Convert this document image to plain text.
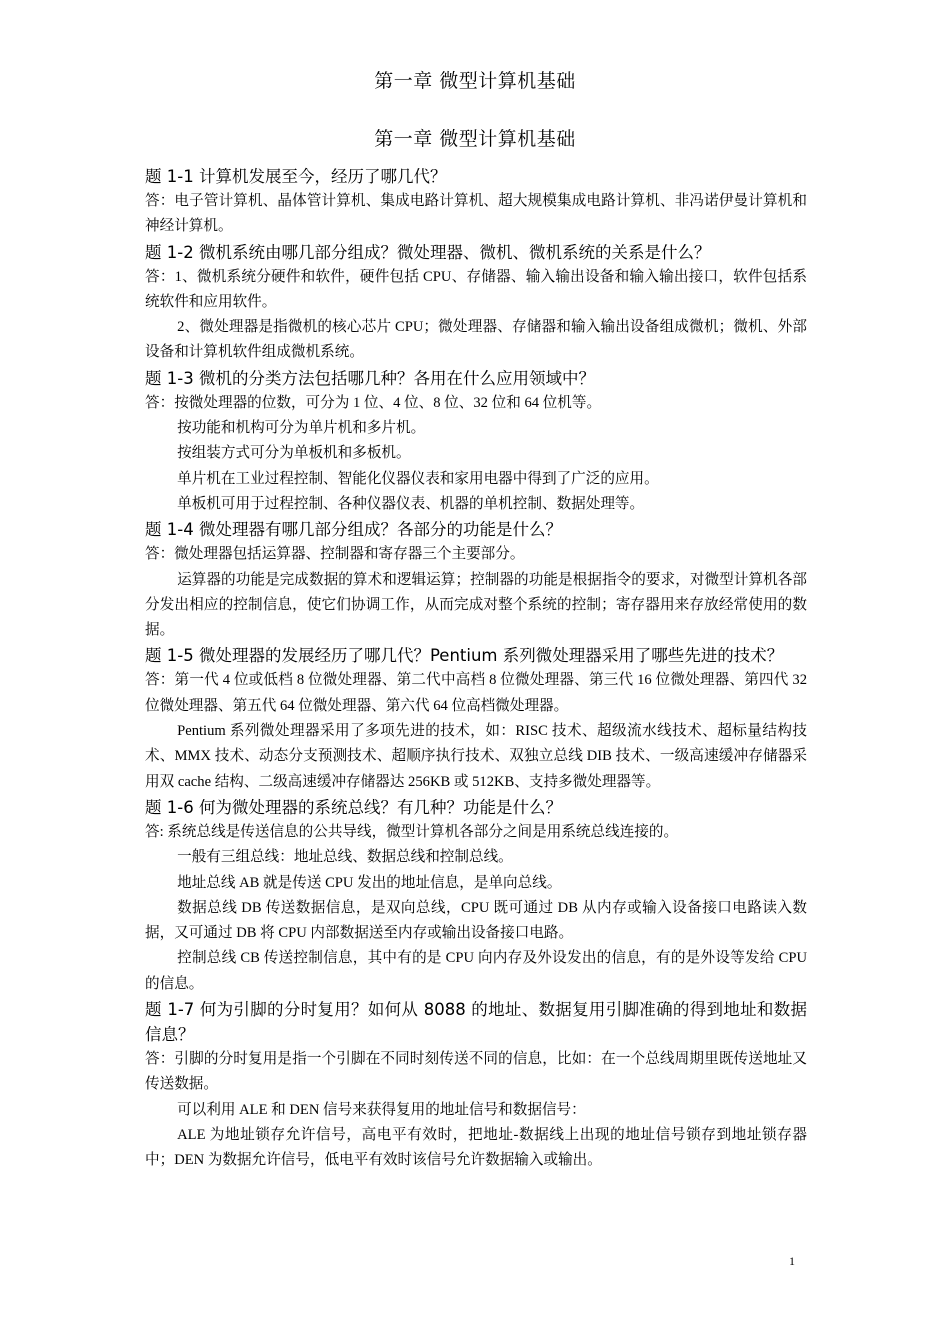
第一章 微型计算机基础
第一章 微型计算机基础

题 1-1 计算机发展至今，经历了哪几代？

答：电子管计算机、晶体管计算机、集成电路计算机、超大规模集成电路计算机、非冯诺伊曼计算机和神经计算机。

题 1-2 微机系统由哪几部分组成？微处理器、微机、微机系统的关系是什么？

答：1、微机系统分硬件和软件，硬件包括 CPU、存储器、输入输出设备和输入输出接口，软件包括系统软件和应用软件。

2、微处理器是指微机的核心芯片 CPU；微处理器、存储器和输入输出设备组成微机；微机、外部设备和计算机软件组成微机系统。

题 1-3 微机的分类方法包括哪几种？各用在什么应用领域中？

答：按微处理器的位数，可分为 1 位、4 位、8 位、32 位和 64 位机等。

按功能和机构可分为单片机和多片机。

按组装方式可分为单板机和多板机。

单片机在工业过程控制、智能化仪器仪表和家用电器中得到了广泛的应用。

单板机可用于过程控制、各种仪器仪表、机器的单机控制、数据处理等。

题 1-4 微处理器有哪几部分组成？各部分的功能是什么？

答：微处理器包括运算器、控制器和寄存器三个主要部分。

运算器的功能是完成数据的算术和逻辑运算；控制器的功能是根据指令的要求，对微型计算机各部分发出相应的控制信息，使它们协调工作，从而完成对整个系统的控制；寄存器用来存放经常使用的数据。

题 1-5 微处理器的发展经历了哪几代？Pentium 系列微处理器采用了哪些先进的技术？

答：第一代 4 位或低档 8 位微处理器、第二代中高档 8 位微处理器、第三代 16 位微处理器、第四代 32 位微处理器、第五代 64 位微处理器、第六代 64 位高档微处理器。

Pentium 系列微处理器采用了多项先进的技术，如：RISC 技术、超级流水线技术、超标量结构技术、MMX 技术、动态分支预测技术、超顺序执行技术、双独立总线 DIB 技术、一级高速缓冲存储器采用双 cache 结构、二级高速缓冲存储器达 256KB 或 512KB、支持多微处理器等。

题 1-6 何为微处理器的系统总线？有几种？功能是什么？

答: 系统总线是传送信息的公共导线，微型计算机各部分之间是用系统总线连接的。

一般有三组总线：地址总线、数据总线和控制总线。

地址总线 AB 就是传送 CPU 发出的地址信息，是单向总线。

数据总线 DB 传送数据信息，是双向总线，CPU 既可通过 DB 从内存或输入设备接口电路读入数据，又可通过 DB 将 CPU 内部数据送至内存或输出设备接口电路。

控制总线 CB 传送控制信息，其中有的是 CPU 向内存及外设发出的信息，有的是外设等发给 CPU 的信息。

题 1-7 何为引脚的分时复用？如何从 8088 的地址、数据复用引脚准确的得到地址和数据信息？

答：引脚的分时复用是指一个引脚在不同时刻传送不同的信息，比如：在一个总线周期里既传送地址又传送数据。

可以利用 ALE 和 DEN 信号来获得复用的地址信号和数据信号：

ALE 为地址锁存允许信号，高电平有效时，把地址-数据线上出现的地址信号锁存到地址锁存器中；DEN 为数据允许信号，低电平有效时该信号允许数据输入或输出。

1
